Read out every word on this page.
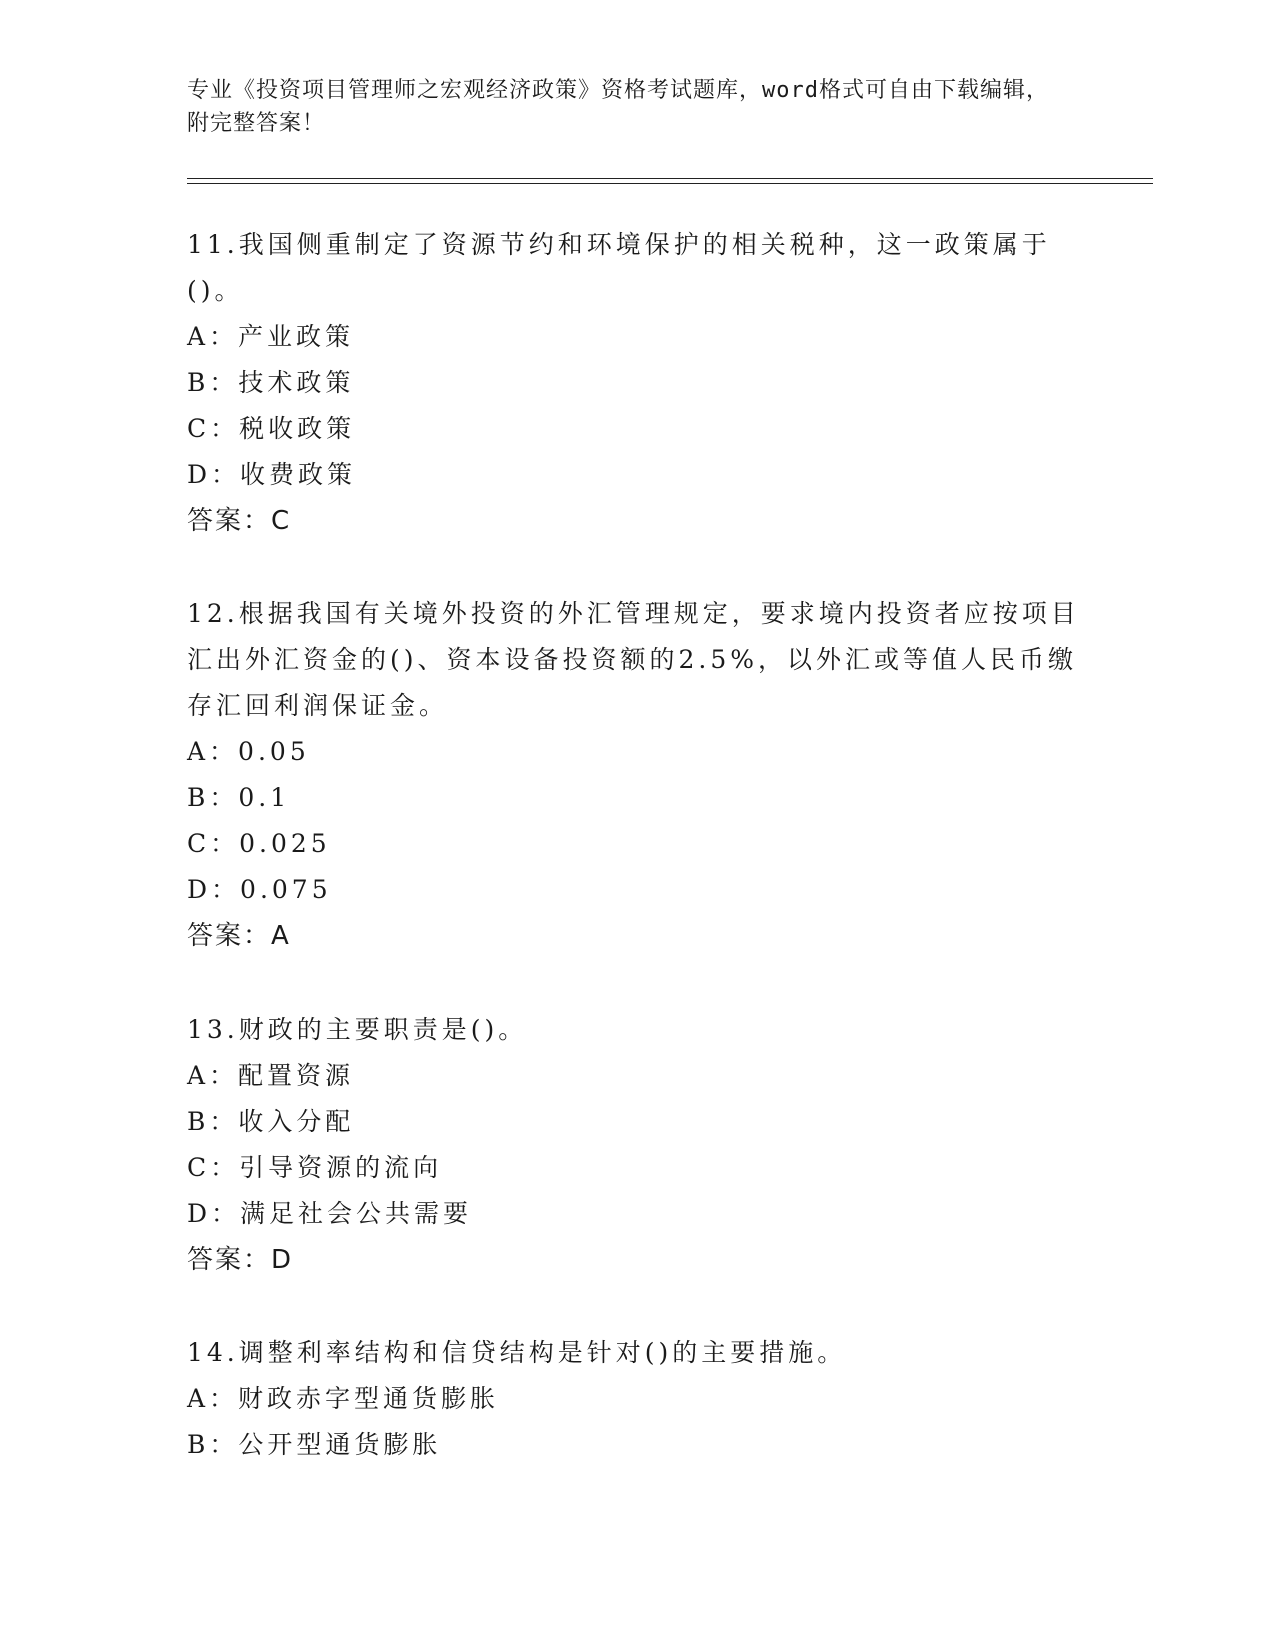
专业《投资项目管理师之宏观经济政策》资格考试题库，word格式可自由下载编辑，附完整答案！

11.我国侧重制定了资源节约和环境保护的相关税种，这一政策属于()。

A：产业政策

B：技术政策

C：税收政策

D：收费政策

答案：C

12.根据我国有关境外投资的外汇管理规定，要求境内投资者应按项目汇出外汇资金的()、资本设备投资额的2.5%，以外汇或等值人民币缴存汇回利润保证金。

A：0.05

B：0.1

C：0.025

D：0.075

答案：A

13.财政的主要职责是()。

A：配置资源

B：收入分配

C：引导资源的流向

D：满足社会公共需要

答案：D

14.调整利率结构和信贷结构是针对()的主要措施。

A：财政赤字型通货膨胀

B：公开型通货膨胀
